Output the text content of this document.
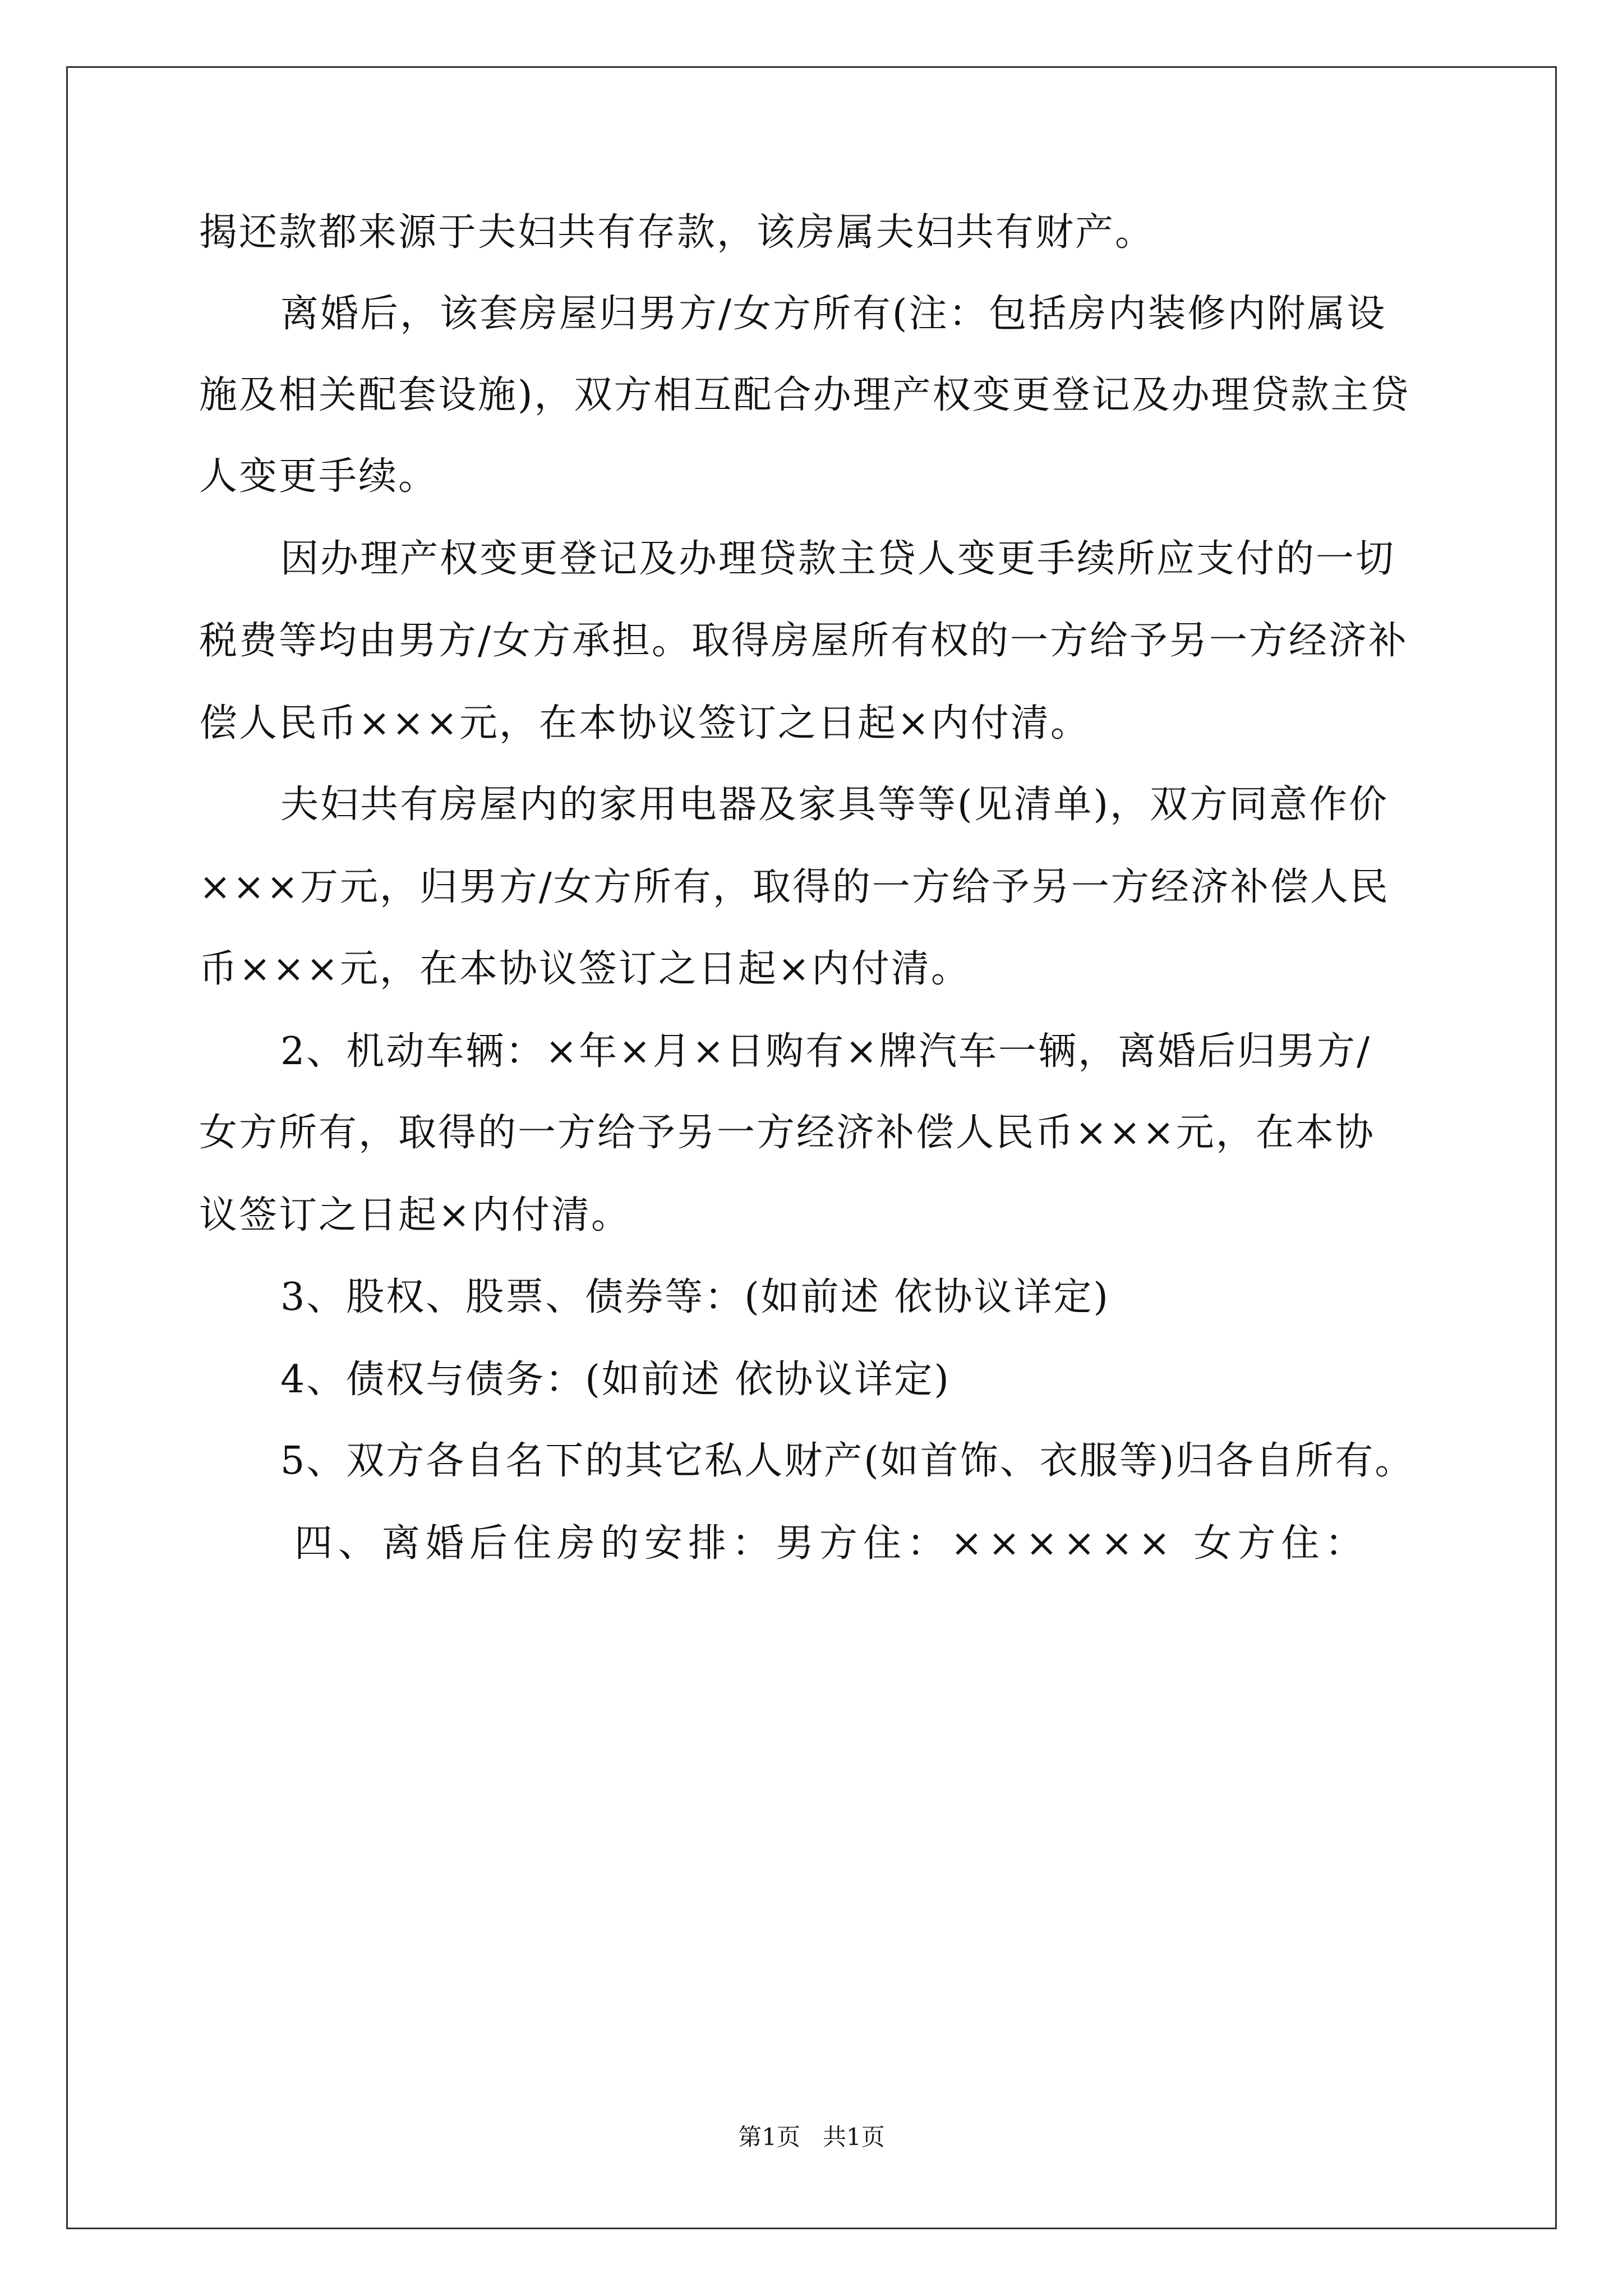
揭还款都来源于夫妇共有存款，该房属夫妇共有财产。
离婚后，该套房屋归男方/女方所有(注：包括房内装修内附属设
施及相关配套设施)，双方相互配合办理产权变更登记及办理贷款主贷
人变更手续。
因办理产权变更登记及办理贷款主贷人变更手续所应支付的一切
税费等均由男方/女方承担。取得房屋所有权的一方给予另一方经济补
偿人民币×××元，在本协议签订之日起×内付清。
夫妇共有房屋内的家用电器及家具等等(见清单)，双方同意作价
×××万元，归男方/女方所有，取得的一方给予另一方经济补偿人民
币×××元，在本协议签订之日起×内付清。
2、机动车辆：×年×月×日购有×牌汽车一辆，离婚后归男方/
女方所有，取得的一方给予另一方经济补偿人民币×××元，在本协
议签订之日起×内付清。
3、股权、股票、债券等：(如前述 依协议详定)
4、债权与债务：(如前述 依协议详定)
5、双方各自名下的其它私人财产(如首饰、衣服等)归各自所有。
四、离婚后住房的安排：男方住：×××××× 女方住：
第1页   共1页
